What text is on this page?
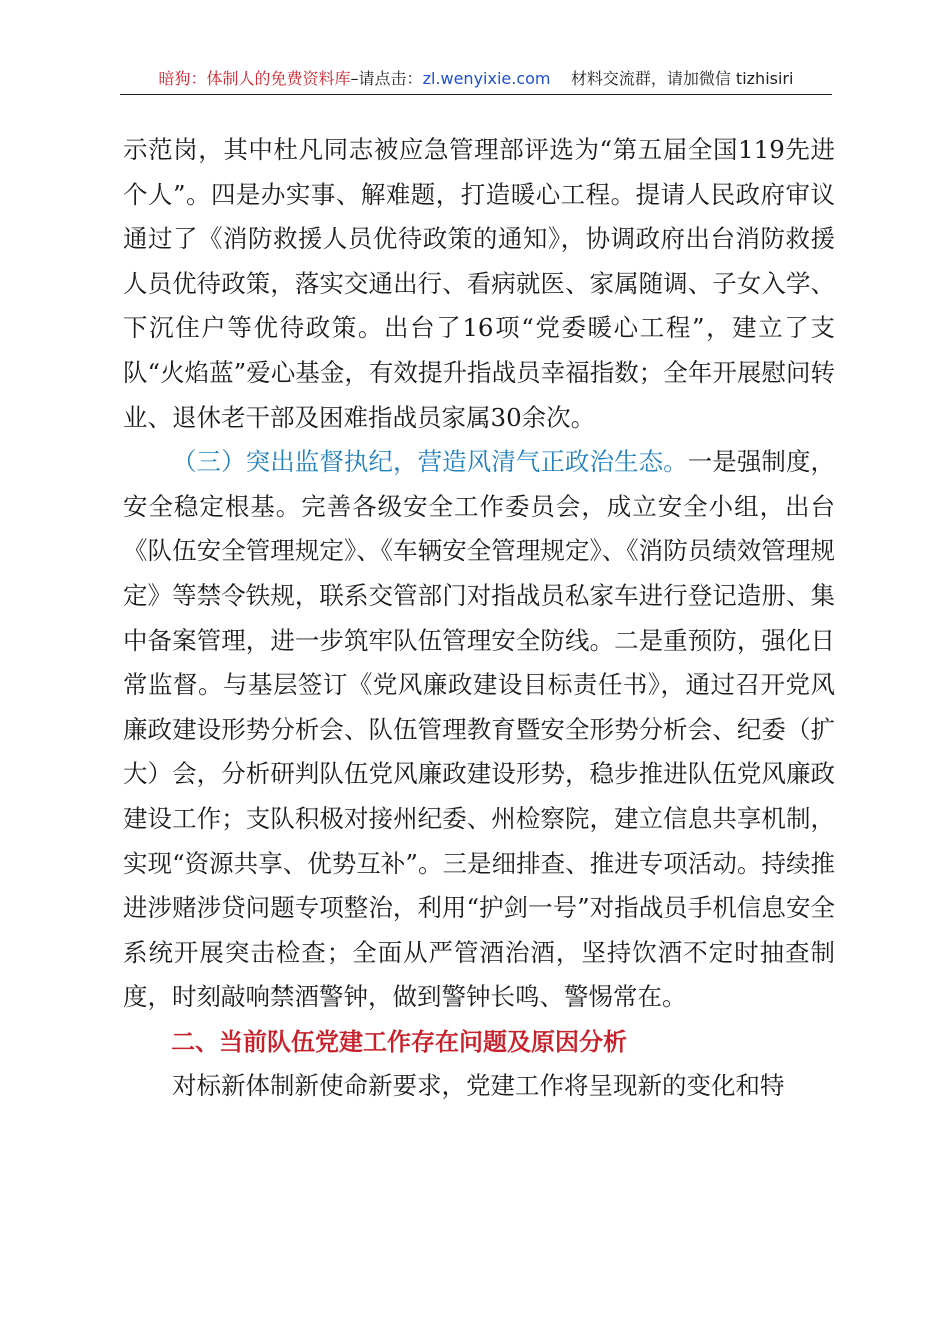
暗狗：体制人的免费资料库–请点击：zl.wenyixie.com 材料交流群，请加微信 tizhisiri

示范岗，其中杜凡同志被应急管理部评选为“第五届全国119先进个人”。四是办实事、解难题，打造暖心工程。提请人民政府审议通过了《消防救援人员优待政策的通知》，协调政府出台消防救援人员优待政策，落实交通出行、看病就医、家属随调、子女入学、下沉住户等优待政策。出台了16项“党委暖心工程”，建立了支队“火焰蓝”爱心基金，有效提升指战员幸福指数；全年开展慰问转业、退休老干部及困难指战员家属30余次。

（三）突出监督执纪，营造风清气正政治生态。一是强制度，安全稳定根基。完善各级安全工作委员会，成立安全小组，出台《队伍安全管理规定》、《车辆安全管理规定》、《消防员绩效管理规定》等禁令铁规，联系交管部门对指战员私家车进行登记造册、集中备案管理，进一步筑牢队伍管理安全防线。二是重预防，强化日常监督。与基层签订《党风廉政建设目标责任书》，通过召开党风廉政建设形势分析会、队伍管理教育暨安全形势分析会、纪委（扩大）会，分析研判队伍党风廉政建设形势，稳步推进队伍党风廉政建设工作；支队积极对接州纪委、州检察院，建立信息共享机制，实现“资源共享、优势互补”。三是细排查、推进专项活动。持续推进涉赌涉贷问题专项整治，利用“护剑一号”对指战员手机信息安全系统开展突击检查；全面从严管酒治酒，坚持饮酒不定时抽查制度，时刻敲响禁酒警钟，做到警钟长鸣、警惕常在。

二、当前队伍党建工作存在问题及原因分析

对标新体制新使命新要求，党建工作将呈现新的变化和特
